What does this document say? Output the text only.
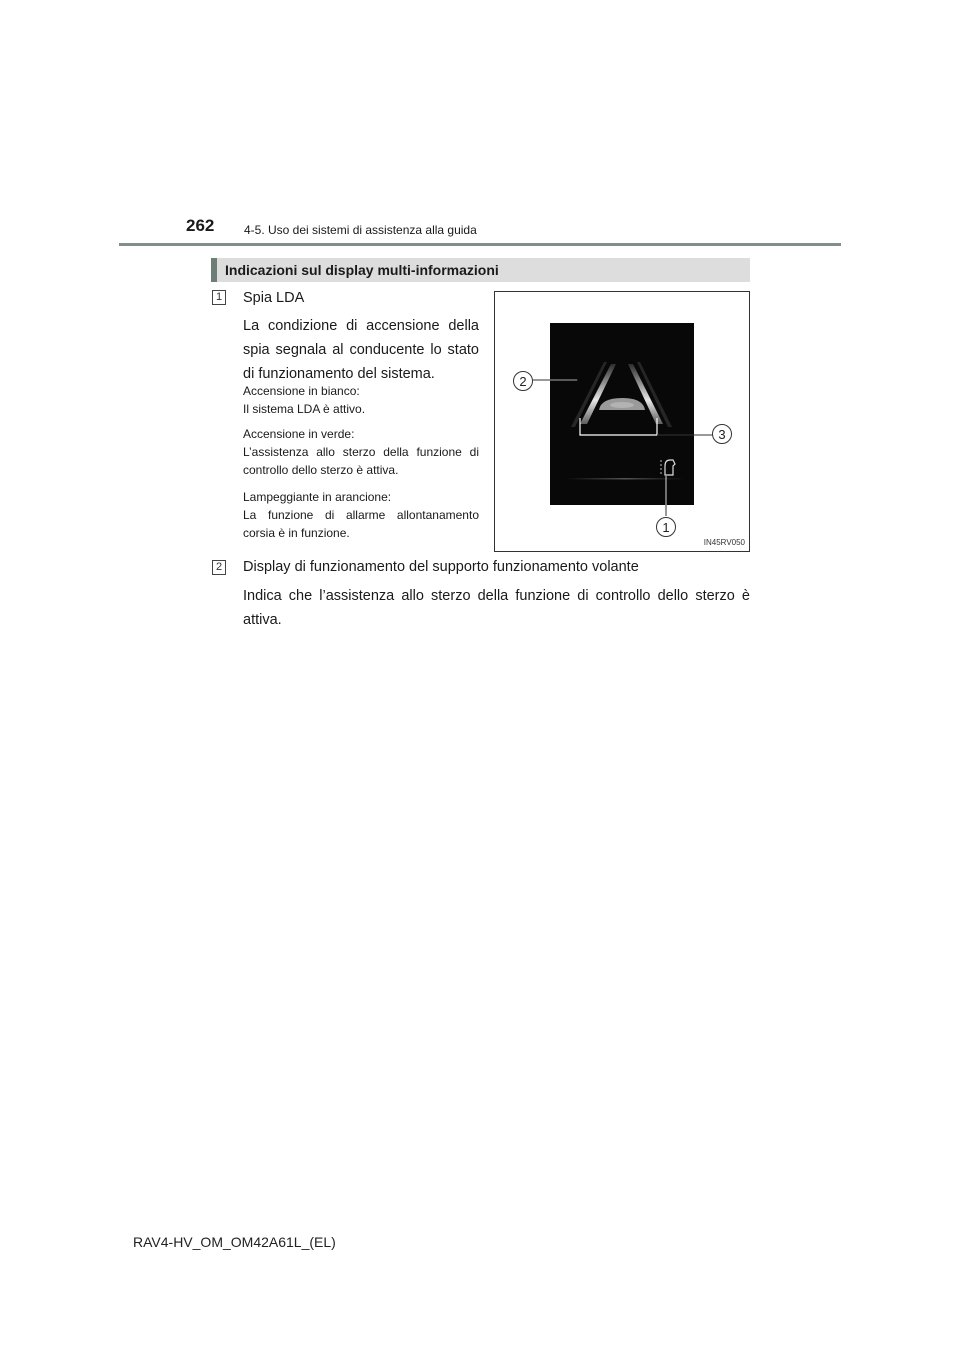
262 4-5. Uso dei sistemi di assistenza alla guida
Indicazioni sul display multi-informazioni
1 Spia LDA
La condizione di accensione della spia segnala al conducente lo stato di funzionamento del sistema.
Accensione in bianco:
Il sistema LDA è attivo.
Accensione in verde:
L’assistenza allo sterzo della funzione di controllo dello sterzo è attiva.
Lampeggiante in arancione:
La funzione di allarme allontanamento corsia è in funzione.
2
3
1
IN45RV050
2 Display di funzionamento del supporto funzionamento volante
Indica che l’assistenza allo sterzo della funzione di controllo dello sterzo è attiva.
RAV4-HV_OM_OM42A61L_(EL)
